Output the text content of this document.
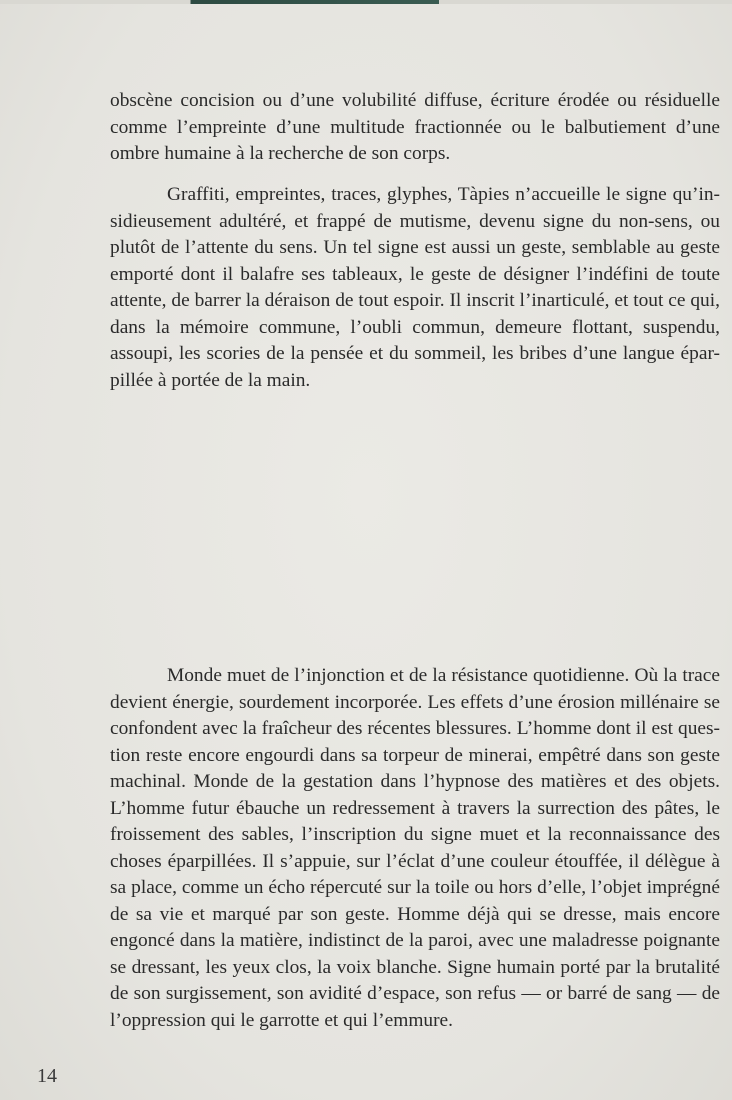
obscène concision ou d’une volubilité diffuse, écriture érodée ou résiduelle
comme l’empreinte d’une multitude fractionnée ou le balbutiement d’une
ombre humaine à la recherche de son corps.
Graffiti, empreintes, traces, glyphes, Tàpies n’accueille le signe qu’in-
sidieusement adultéré, et frappé de mutisme, devenu signe du non-sens, ou
plutôt de l’attente du sens. Un tel signe est aussi un geste, semblable au geste
emporté dont il balafre ses tableaux, le geste de désigner l’indéfini de toute
attente, de barrer la déraison de tout espoir. Il inscrit l’inarticulé, et tout ce qui,
dans la mémoire commune, l’oubli commun, demeure flottant, suspendu,
assoupi, les scories de la pensée et du sommeil, les bribes d’une langue épar-
pillée à portée de la main.
Monde muet de l’injonction et de la résistance quotidienne. Où la trace
devient énergie, sourdement incorporée. Les effets d’une érosion millénaire se
confondent avec la fraîcheur des récentes blessures. L’homme dont il est ques-
tion reste encore engourdi dans sa torpeur de minerai, empêtré dans son geste
machinal. Monde de la gestation dans l’hypnose des matières et des objets.
L’homme futur ébauche un redressement à travers la surrection des pâtes, le
froissement des sables, l’inscription du signe muet et la reconnaissance des
choses éparpillées. Il s’appuie, sur l’éclat d’une couleur étouffée, il délègue à
sa place, comme un écho répercuté sur la toile ou hors d’elle, l’objet imprégné
de sa vie et marqué par son geste. Homme déjà qui se dresse, mais encore
engoncé dans la matière, indistinct de la paroi, avec une maladresse poignante
se dressant, les yeux clos, la voix blanche. Signe humain porté par la brutalité
de son surgissement, son avidité d’espace, son refus — or barré de sang — de
l’oppression qui le garrotte et qui l’emmure.
14
